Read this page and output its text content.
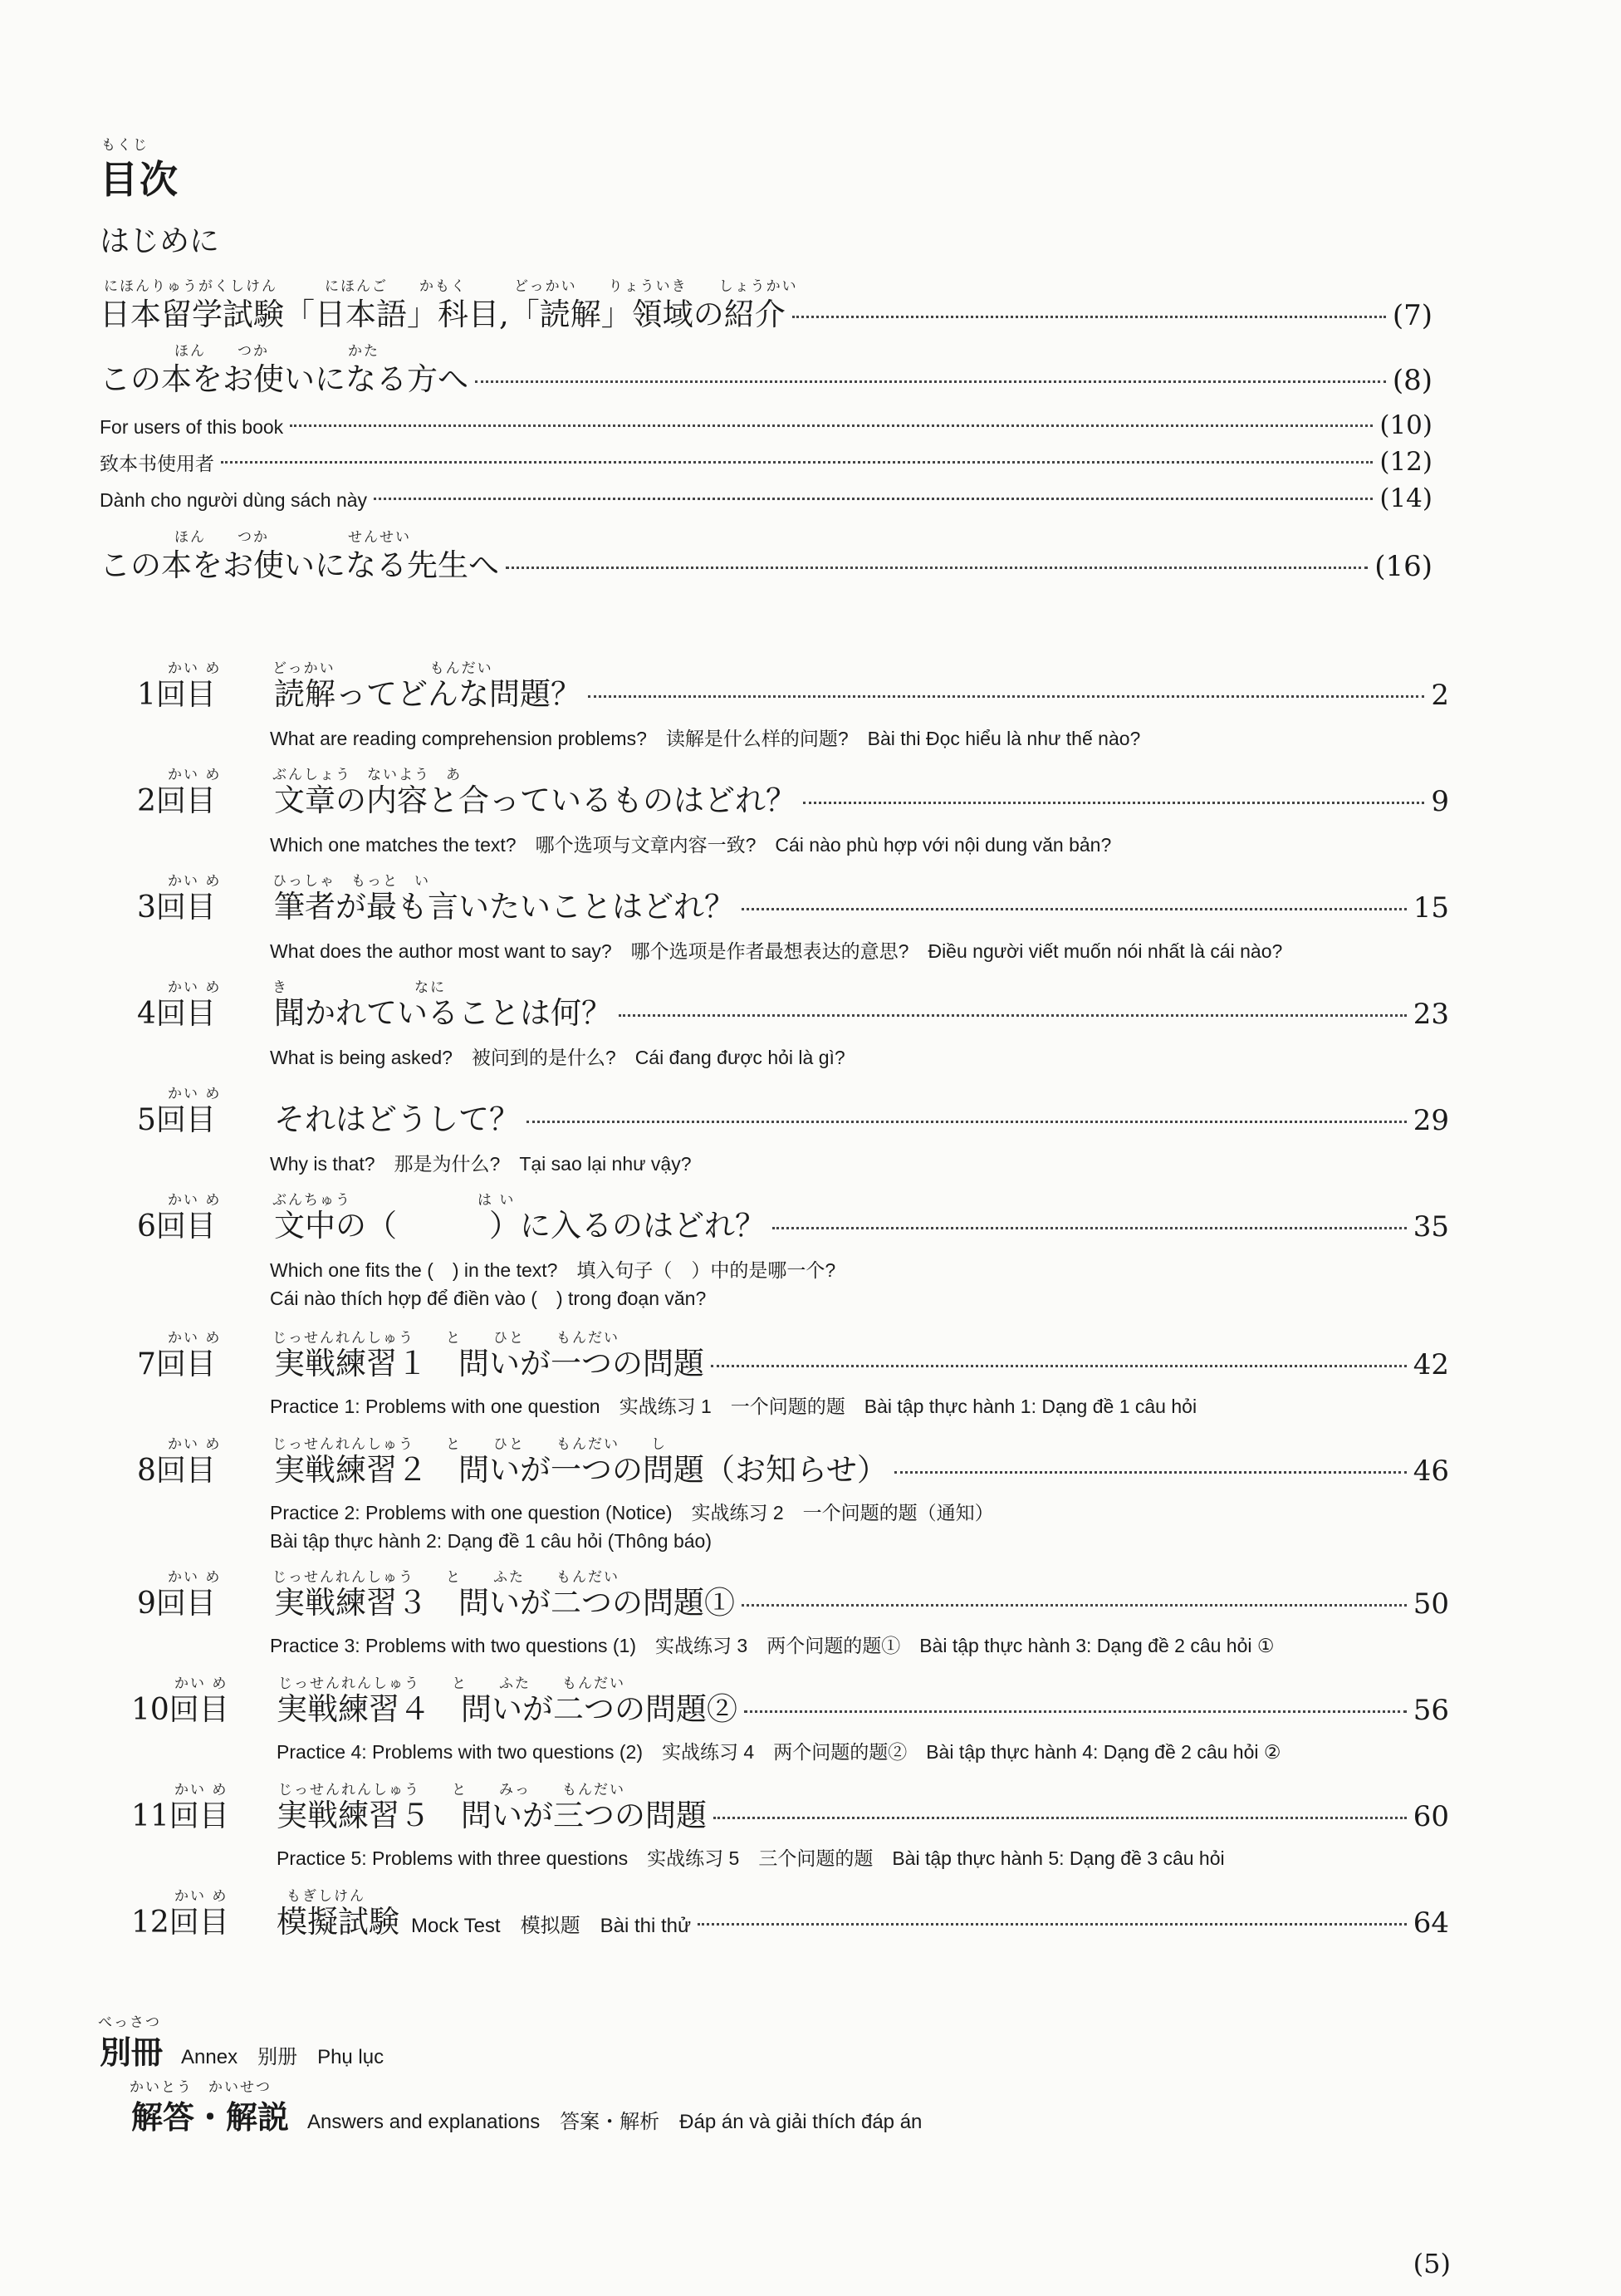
もくじ
目次
はじめに
にほんりゅうがくしけん　　　にほんご　　かもく　　　どっかい　　りょういき　　しょうかい
日本留学試験「日本語」科目,「読解」領域の紹介	(7)
ほん　　つか　　　　　かた
この本をお使いになる方へ	(8)
For users of this book	(10)
致本书使用者	(12)
Dành cho người dùng sách này	(14)
ほん　　つか　　　　　せんせい
この本をお使いになる先生へ	(16)
かい め	どっかい　　　　　　もんだい
1回目	読解ってどんな問題？	2
What are reading comprehension problems?　读解是什么样的问题?　Bài thi Đọc hiểu là như thế nào?
かい め	ぶんしょう　ないよう　あ
2回目	文章の内容と合っているものはどれ？	9
Which one matches the text?　哪个选项与文章内容一致?　Cái nào phù hợp với nội dung văn bản?
かい め	ひっしゃ　もっと　い
3回目	筆者が最も言いたいことはどれ？	15
What does the author most want to say?　哪个选项是作者最想表达的意思?　Điều người viết muốn nói nhất là cái nào?
かい め	き　　　　　　　　なに
4回目	聞かれていることは何？	23
What is being asked?　被问到的是什么?　Cái đang được hỏi là gì?
かい め
5回目	それはどうして？	29
Why is that?　那是为什么?　Tại sao lại như vậy?
かい め	ぶんちゅう　　　　　　　　は い
6回目	文中の（　　　）に入るのはどれ？	35
Which one fits the (　) in the text?　填入句子（　）中的是哪一个?
Cái nào thích hợp để điền vào (　) trong đoạn văn?
かい め	じっせんれんしゅう　　と　　ひと　　もんだい
7回目	実戦練習１　問いが一つの問題	42
Practice 1: Problems with one question　实战练习 1　一个问题的题　Bài tập thực hành 1: Dạng đề 1 câu hỏi
かい め	じっせんれんしゅう　　と　　ひと　　もんだい　　し
8回目	実戦練習２　問いが一つの問題（お知らせ）	46
Practice 2: Problems with one question (Notice)　实战练习 2　一个问题的题（通知）
Bài tập thực hành 2: Dạng đề 1 câu hỏi (Thông báo)
かい め	じっせんれんしゅう　　と　　ふた　　もんだい
9回目	実戦練習３　問いが二つの問題①	50
Practice 3: Problems with two questions (1)　实战练习 3　两个问题的题①　Bài tập thực hành 3: Dạng đề 2 câu hỏi ①
かい め	じっせんれんしゅう　　と　　ふた　　もんだい
10回目	実戦練習４　問いが二つの問題②	56
Practice 4: Problems with two questions (2)　实战练习 4　两个问题的题②　Bài tập thực hành 4: Dạng đề 2 câu hỏi ②
かい め	じっせんれんしゅう　　と　　みっ　　もんだい
11回目	実戦練習５　問いが三つの問題	60
Practice 5: Problems with three questions　实战练习 5　三个问题的题　Bài tập thực hành 5: Dạng đề 3 câu hỏi
かい め	もぎしけん
12回目	模擬試験 Mock Test　模拟题　Bài thi thử	64
べっさつ
別冊 Annex　别册　Phụ lục
かいとう　かいせつ
解答・解説 Answers and explanations　答案・解析　Đáp án và giải thích đáp án
(5)
